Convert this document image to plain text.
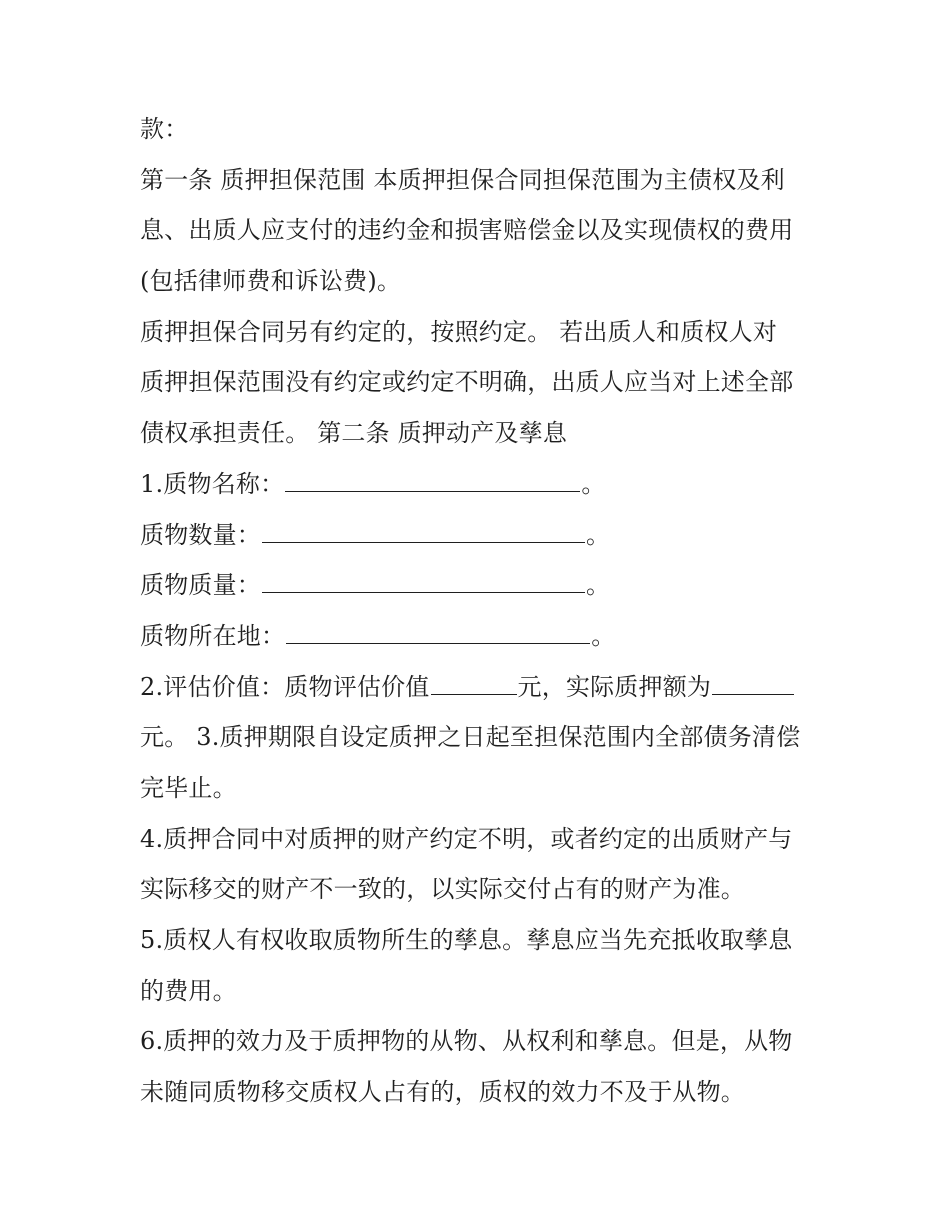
款：
第一条 质押担保范围 本质押担保合同担保范围为主债权及利
息、出质人应支付的违约金和损害赔偿金以及实现债权的费用
(包括律师费和诉讼费)。
质押担保合同另有约定的，按照约定。 若出质人和质权人对
质押担保范围没有约定或约定不明确，出质人应当对上述全部
债权承担责任。 第二条 质押动产及孳息
1.质物名称：	。
质物数量：	。
质物质量：	。
质物所在地：	。
2.评估价值：质物评估价值	元，实际质押额为
元。 3.质押期限自设定质押之日起至担保范围内全部债务清偿
完毕止。
4.质押合同中对质押的财产约定不明，或者约定的出质财产与
实际移交的财产不一致的，以实际交付占有的财产为准。
5.质权人有权收取质物所生的孳息。孳息应当先充抵收取孳息
的费用。
6.质押的效力及于质押物的从物、从权利和孳息。但是，从物
未随同质物移交质权人占有的，质权的效力不及于从物。
